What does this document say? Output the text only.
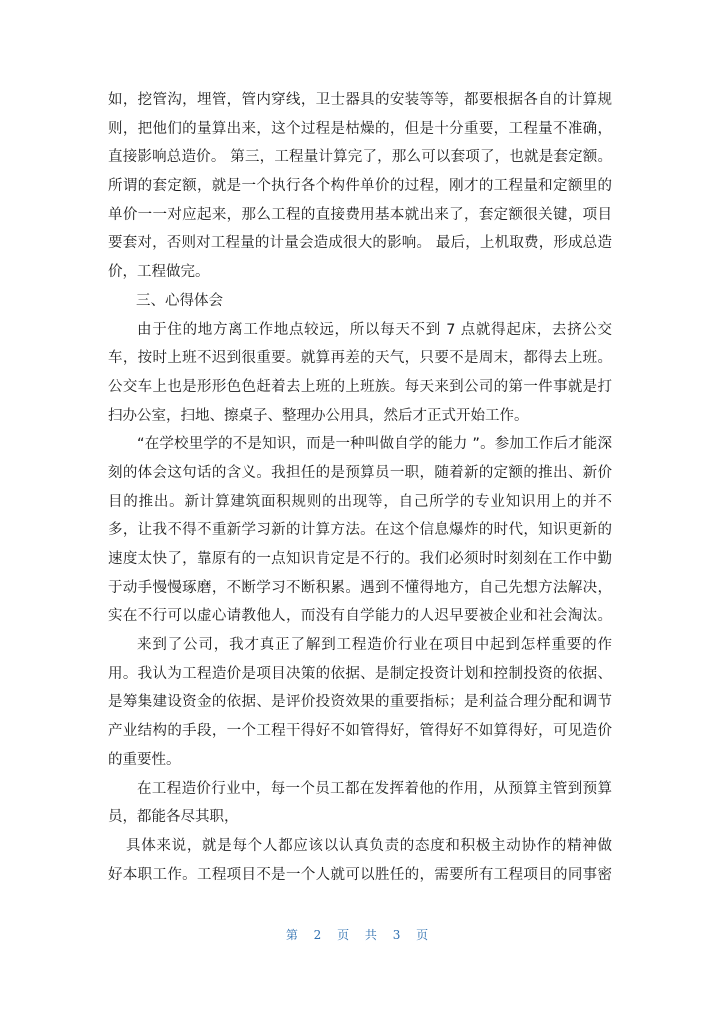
如，挖管沟，埋管，管内穿线，卫士器具的安装等等，都要根据各自的计算规
则，把他们的量算出来，这个过程是枯燥的，但是十分重要，工程量不准确，
直接影响总造价。 第三，工程量计算完了，那么可以套项了，也就是套定额。
所谓的套定额，就是一个执行各个构件单价的过程，刚才的工程量和定额里的
单价一一对应起来，那么工程的直接费用基本就出来了，套定额很关键，项目
要套对，否则对工程量的计量会造成很大的影响。 最后，上机取费，形成总造
价，工程做完。
三、心得体会
由于住的地方离工作地点较远，所以每天不到 7 点就得起床，去挤公交
车，按时上班不迟到很重要。就算再差的天气，只要不是周末，都得去上班。
公交车上也是形形色色赶着去上班的上班族。每天来到公司的第一件事就是打
扫办公室，扫地、擦桌子、整理办公用具，然后才正式开始工作。
“在学校里学的不是知识，而是一种叫做自学的能力 ”。参加工作后才能深
刻的体会这句话的含义。我担任的是预算员一职，随着新的定额的推出、新价
目的推出。新计算建筑面积规则的出现等，自己所学的专业知识用上的并不
多，让我不得不重新学习新的计算方法。在这个信息爆炸的时代，知识更新的
速度太快了，靠原有的一点知识肯定是不行的。我们必须时时刻刻在工作中勤
于动手慢慢琢磨，不断学习不断积累。遇到不懂得地方，自己先想方法解决，
实在不行可以虚心请教他人，而没有自学能力的人迟早要被企业和社会淘汰。
来到了公司，我才真正了解到工程造价行业在项目中起到怎样重要的作
用。我认为工程造价是项目决策的依据、是制定投资计划和控制投资的依据、
是筹集建设资金的依据、是评价投资效果的重要指标；是利益合理分配和调节
产业结构的手段，一个工程干得好不如管得好，管得好不如算得好，可见造价
的重要性。
在工程造价行业中，每一个员工都在发挥着他的作用，从预算主管到预算
员，都能各尽其职，
具体来说，就是每个人都应该以认真负责的态度和积极主动协作的精神做
好本职工作。工程项目不是一个人就可以胜任的，需要所有工程项目的同事密
第 2 页 共 3 页
